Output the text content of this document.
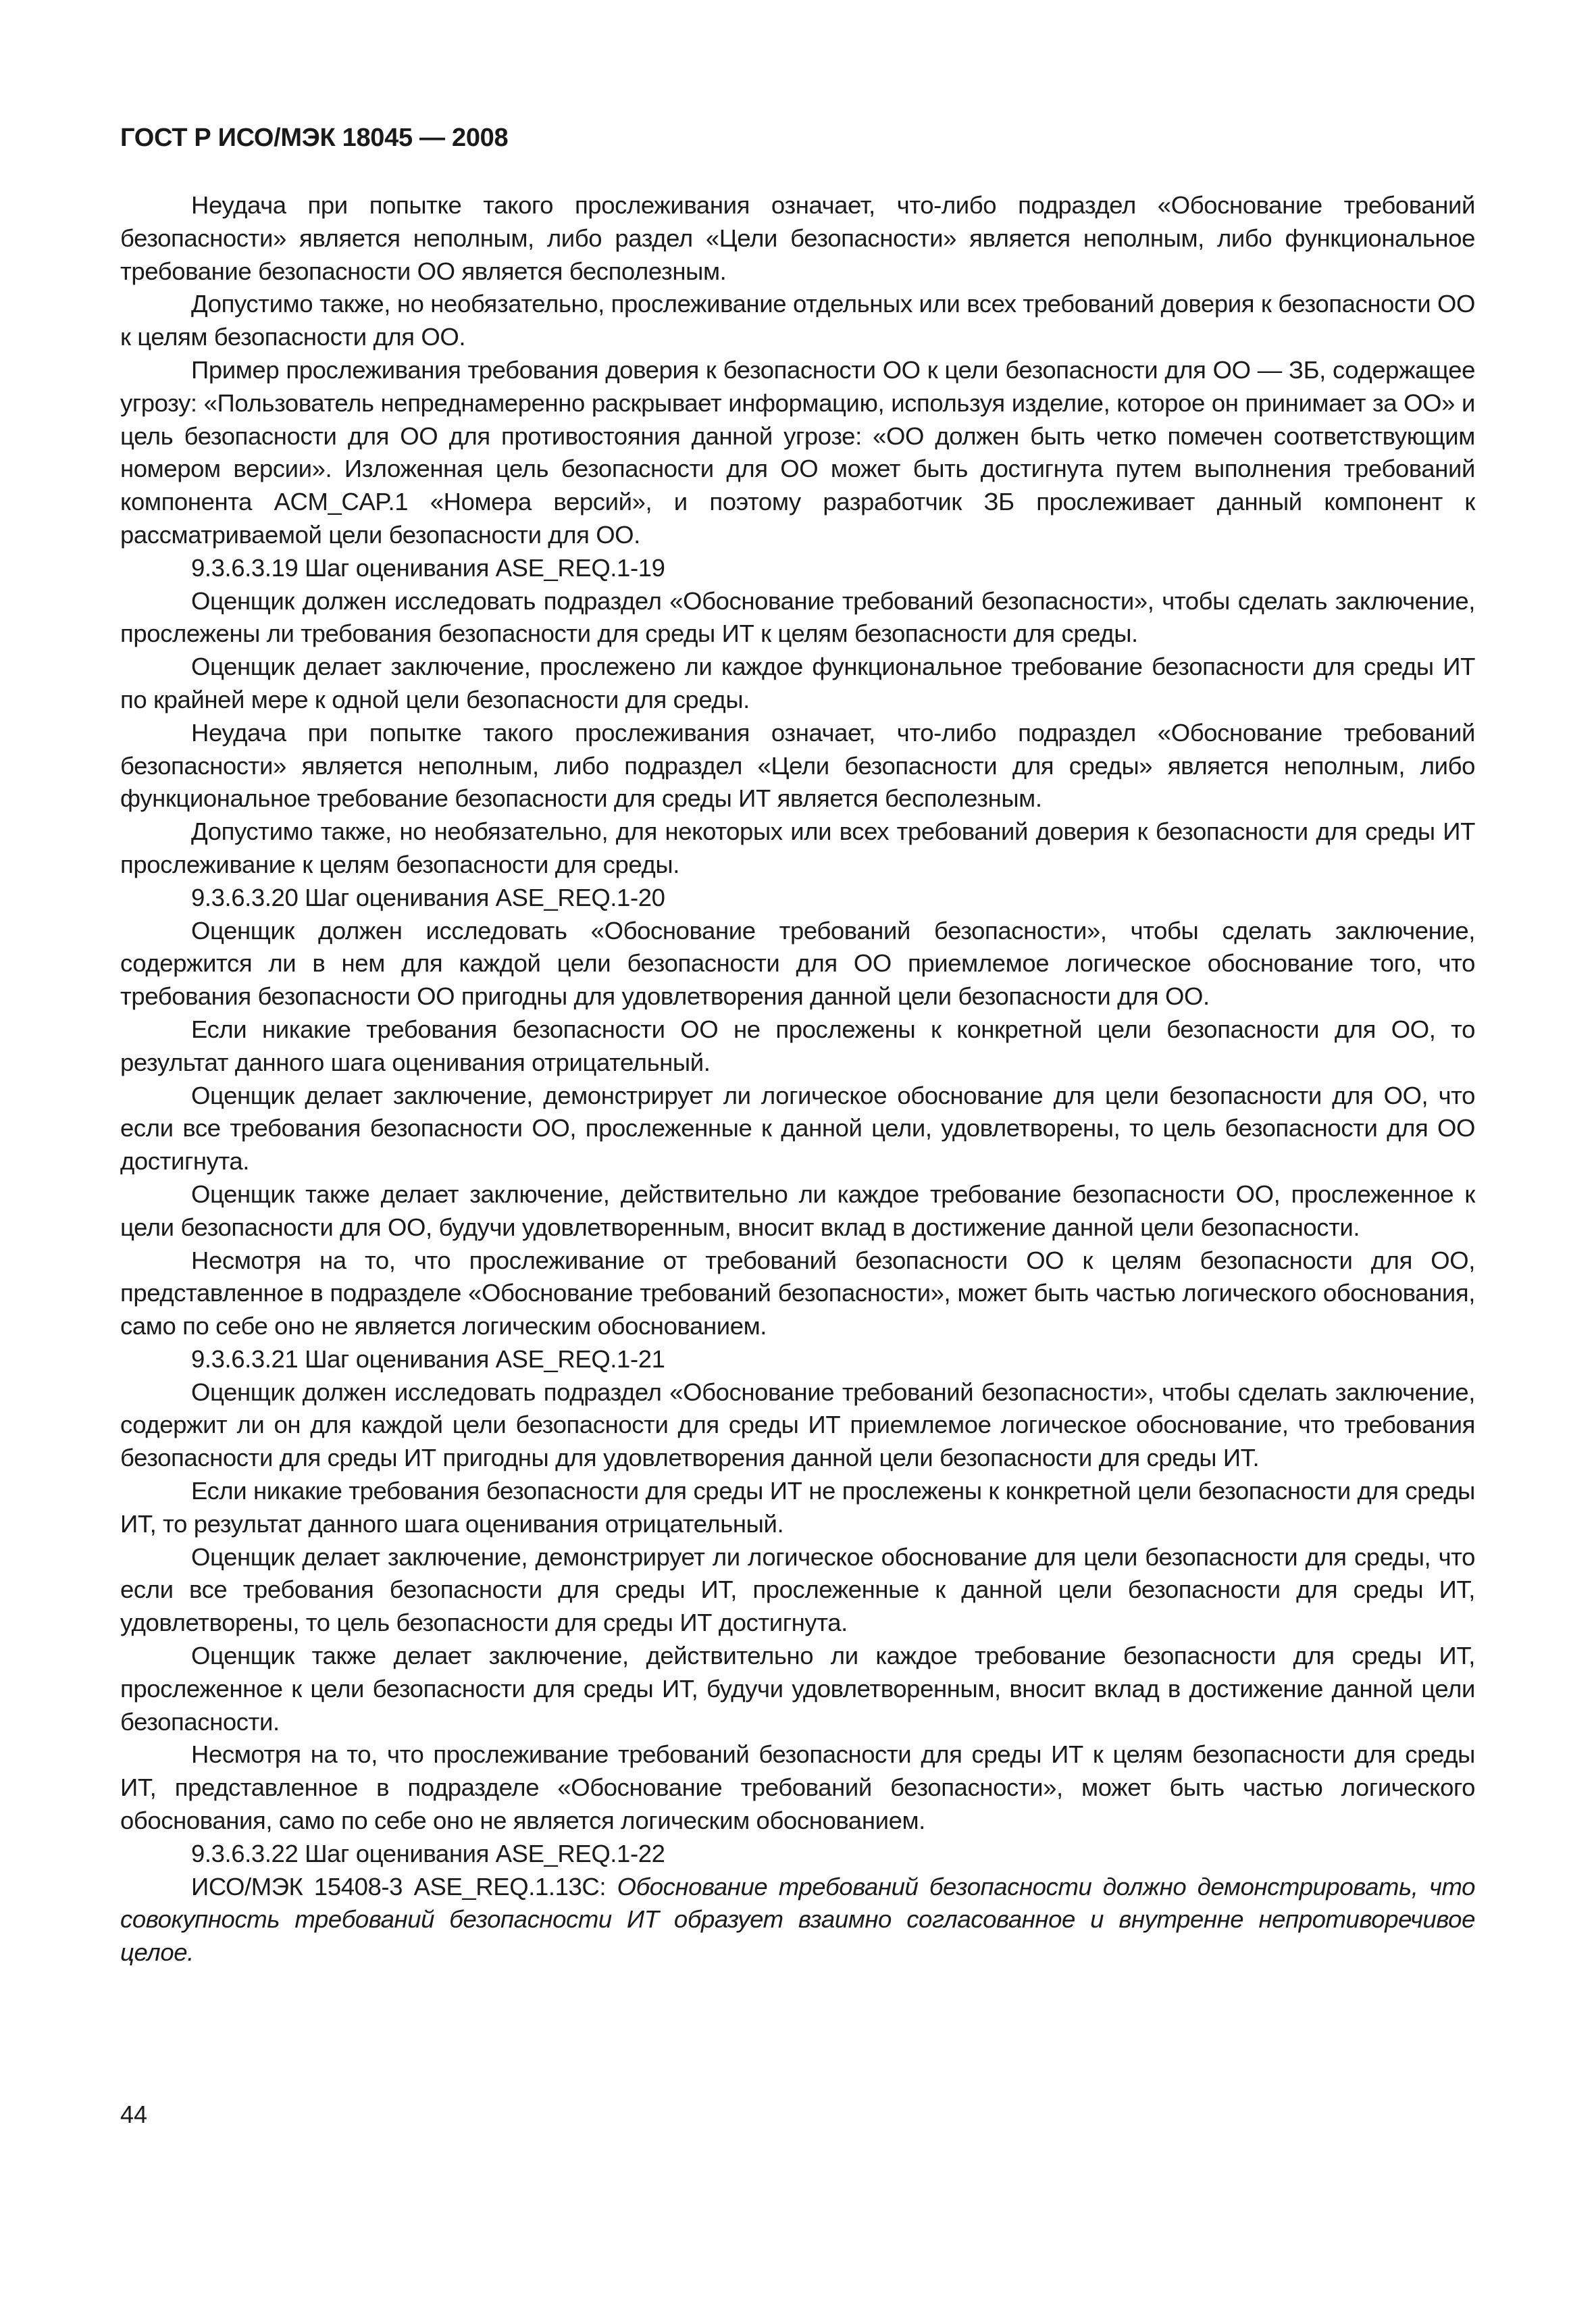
ГОСТ Р ИСО/МЭК 18045 — 2008

Неудача при попытке такого прослеживания означает, что-либо подраздел «Обоснование требований безопасности» является неполным, либо раздел «Цели безопасности» является неполным, либо функциональное требование безопасности ОО является бесполезным.

Допустимо также, но необязательно, прослеживание отдельных или всех требований доверия к безопасности ОО к целям безопасности для ОО.

Пример прослеживания требования доверия к безопасности ОО к цели безопасности для ОО — ЗБ, содержащее угрозу: «Пользователь непреднамеренно раскрывает информацию, используя изделие, которое он принимает за ОО» и цель безопасности для ОО для противостояния данной угрозе: «ОО должен быть четко помечен соответствующим номером версии». Изложенная цель безопасности для ОО может быть достигнута путем выполнения требований компонента ACM_CAP.1 «Номера версий», и поэтому разработчик ЗБ прослеживает данный компонент к рассматриваемой цели безопасности для ОО.

9.3.6.3.19 Шаг оценивания ASE_REQ.1-19

Оценщик должен исследовать подраздел «Обоснование требований безопасности», чтобы сделать заключение, прослежены ли требования безопасности для среды ИТ к целям безопасности для среды.

Оценщик делает заключение, прослежено ли каждое функциональное требование безопасности для среды ИТ по крайней мере к одной цели безопасности для среды.

Неудача при попытке такого прослеживания означает, что-либо подраздел «Обоснование требований безопасности» является неполным, либо подраздел «Цели безопасности для среды» является неполным, либо функциональное требование безопасности для среды ИТ является бесполезным.

Допустимо также, но необязательно, для некоторых или всех требований доверия к безопасности для среды ИТ прослеживание к целям безопасности для среды.

9.3.6.3.20 Шаг оценивания ASE_REQ.1-20

Оценщик должен исследовать «Обоснование требований безопасности», чтобы сделать заключение, содержится ли в нем для каждой цели безопасности для ОО приемлемое логическое обоснование того, что требования безопасности ОО пригодны для удовлетворения данной цели безопасности для ОО.

Если никакие требования безопасности ОО не прослежены к конкретной цели безопасности для ОО, то результат данного шага оценивания отрицательный.

Оценщик делает заключение, демонстрирует ли логическое обоснование для цели безопасности для ОО, что если все требования безопасности ОО, прослеженные к данной цели, удовлетворены, то цель безопасности для ОО достигнута.

Оценщик также делает заключение, действительно ли каждое требование безопасности ОО, прослеженное к цели безопасности для ОО, будучи удовлетворенным, вносит вклад в достижение данной цели безопасности.

Несмотря на то, что прослеживание от требований безопасности ОО к целям безопасности для ОО, представленное в подразделе «Обоснование требований безопасности», может быть частью логического обоснования, само по себе оно не является логическим обоснованием.

9.3.6.3.21 Шаг оценивания ASE_REQ.1-21

Оценщик должен исследовать подраздел «Обоснование требований безопасности», чтобы сделать заключение, содержит ли он для каждой цели безопасности для среды ИТ приемлемое логическое обоснование, что требования безопасности для среды ИТ пригодны для удовлетворения данной цели безопасности для среды ИТ.

Если никакие требования безопасности для среды ИТ не прослежены к конкретной цели безопасности для среды ИТ, то результат данного шага оценивания отрицательный.

Оценщик делает заключение, демонстрирует ли логическое обоснование для цели безопасности для среды, что если все требования безопасности для среды ИТ, прослеженные к данной цели безопасности для среды ИТ, удовлетворены, то цель безопасности для среды ИТ достигнута.

Оценщик также делает заключение, действительно ли каждое требование безопасности для среды ИТ, прослеженное к цели безопасности для среды ИТ, будучи удовлетворенным, вносит вклад в достижение данной цели безопасности.

Несмотря на то, что прослеживание требований безопасности для среды ИТ к целям безопасности для среды ИТ, представленное в подразделе «Обоснование требований безопасности», может быть частью логического обоснования, само по себе оно не является логическим обоснованием.

9.3.6.3.22 Шаг оценивания ASE_REQ.1-22

ИСО/МЭК 15408-3 ASE_REQ.1.13C: Обоснование требований безопасности должно демонстрировать, что совокупность требований безопасности ИТ образует взаимно согласованное и внутренне непротиворечивое целое.

44
